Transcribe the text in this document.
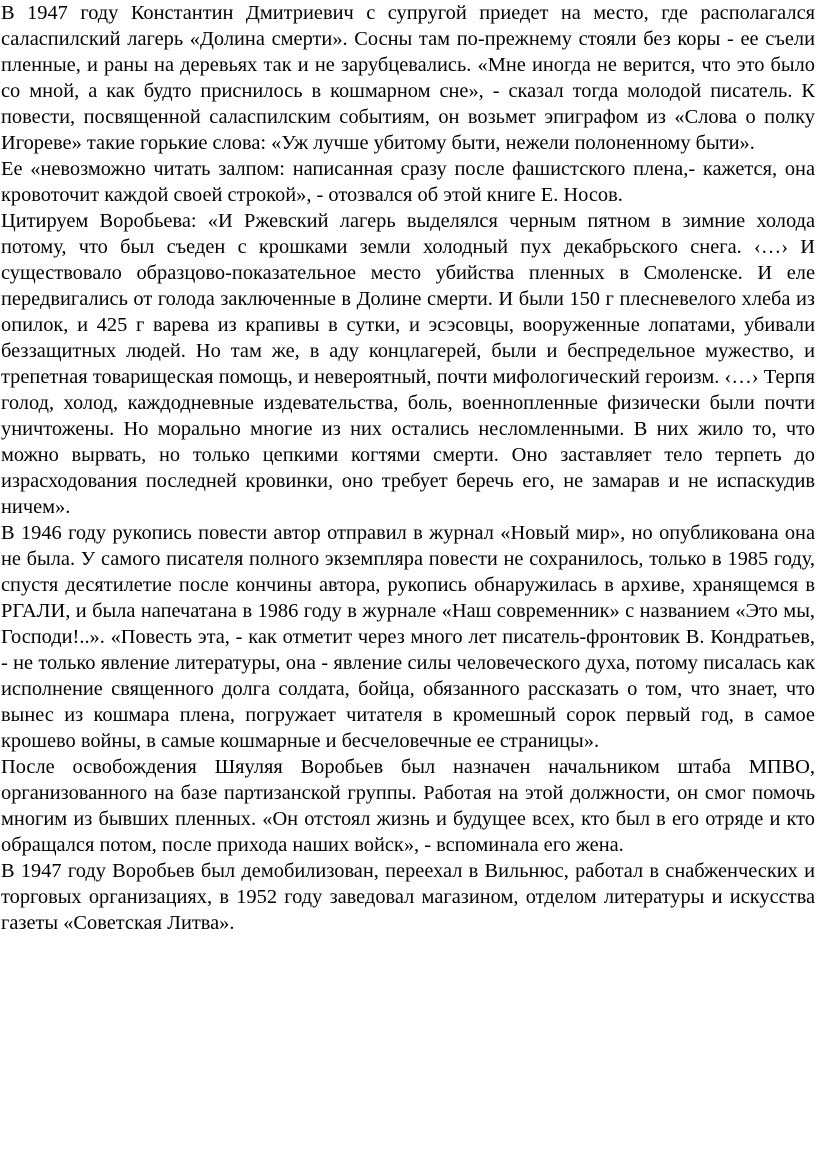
В 1947 году Константин Дмитриевич с супругой приедет на место, где располагался саласпилский лагерь «Долина смерти». Сосны там по-прежнему стояли без коры - ее съели пленные, и раны на деревьях так и не зарубцевались. «Мне иногда не верится, что это было со мной, а как будто приснилось в кошмарном сне», - сказал тогда молодой писатель. К повести, посвященной саласпилским событиям, он возьмет эпиграфом из «Слова о полку Игореве» такие горькие слова: «Уж лучше убитому быти, нежели полоненному быти».

Ее «невозможно читать залпом: написанная сразу после фашистского плена,- кажется, она кровоточит каждой своей строкой», - отозвался об этой книге Е. Носов.

Цитируем Воробьева: «И Ржевский лагерь выделялся черным пятном в зимние холода потому, что был съеден с крошками земли холодный пух декабрьского снега. ‹…› И существовало образцово-показательное место убийства пленных в Смоленске. И еле передвигались от голода заключенные в Долине смерти. И были 150 г плесневелого хлеба из опилок, и 425 г варева из крапивы в сутки, и эсэсовцы, вооруженные лопатами, убивали беззащитных людей. Но там же, в аду концлагерей, были и беспредельное мужество, и трепетная товарищеская помощь, и невероятный, почти мифологический героизм. ‹…› Терпя голод, холод, каждодневные издевательства, боль, военнопленные физически были почти уничтожены. Но морально многие из них остались несломленными. В них жило то, что можно вырвать, но только цепкими когтями смерти. Оно заставляет тело терпеть до израсходования последней кровинки, оно требует беречь его, не замарав и не испаскудив ничем».

В 1946 году рукопись повести автор отправил в журнал «Новый мир», но опубликована она не была. У самого писателя полного экземпляра повести не сохранилось, только в 1985 году, спустя десятилетие после кончины автора, рукопись обнаружилась в архиве, хранящемся в РГАЛИ, и была напечатана в 1986 году в журнале «Наш современник» с названием «Это мы, Господи!..». «Повесть эта, - как отметит через много лет писатель-фронтовик В. Кондратьев, - не только явление литературы, она - явление силы человеческого духа, потому писалась как исполнение священного долга солдата, бойца, обязанного рассказать о том, что знает, что вынес из кошмара плена, погружает читателя в кромешный сорок первый год, в самое крошево войны, в самые кошмарные и бесчеловечные ее страницы».

После освобождения Шяуляя Воробьев был назначен начальником штаба МПВО, организованного на базе партизанской группы. Работая на этой должности, он смог помочь многим из бывших пленных. «Он отстоял жизнь и будущее всех, кто был в его отряде и кто обращался потом, после прихода наших войск», - вспоминала его жена.

В 1947 году Воробьев был демобилизован, переехал в Вильнюс, работал в снабженческих и торговых организациях, в 1952 году заведовал магазином, отделом литературы и искусства газеты «Советская Литва».
